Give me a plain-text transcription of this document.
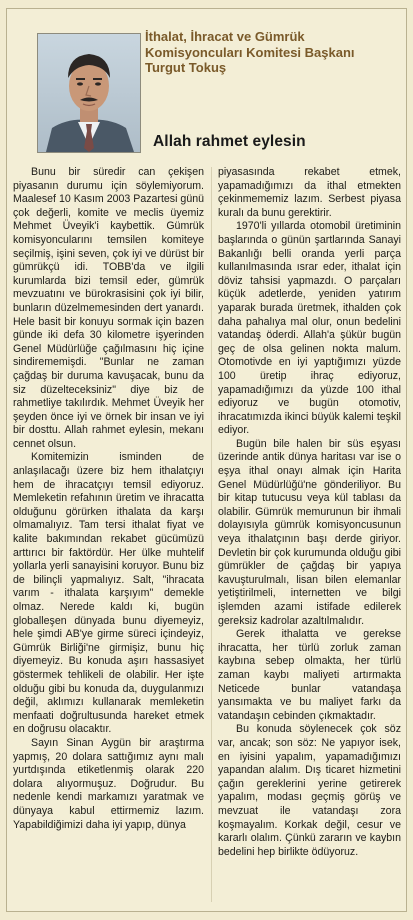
İthalat, İhracat ve Gümrük
Komisyoncuları Komitesi Başkanı
Turgut Tokuş
Allah rahmet eylesin

Bunu bir süredir can çekişen piyasanın durumu için söylemiyorum. Maalesef 10 Kasım 2003 Pazartesi günü çok değerli, komite ve meclis üyemiz Mehmet Üveyik'i kaybettik. Gümrük komisyoncularını temsilen komiteye seçilmiş, işini seven, çok iyi ve dürüst bir gümrükçü idi. TOBB'da ve ilgili kurumlarda bizi temsil eder, gümrük mevzuatını ve bürokrasisini çok iyi bilir, bunların düzelmemesinden dert yanardı. Hele basit bir konuyu sormak için bazen günde iki defa 30 kilometre işyerinden Genel Müdürlüğe çağılmasını hiç içine sindirememişdi. "Bunlar ne zaman çağdaş bir duruma kavuşacak, bunu da siz düzelteceksiniz" diye biz de rahmetliye takılırdık. Mehmet Üveyik her şeyden önce iyi ve örnek bir insan ve iyi bir dosttu. Allah rahmet eylesin, mekanı cennet olsun.

Komitemizin isminden de anlaşılacağı üzere biz hem ithalatçıyı hem de ihracatçıyı temsil ediyoruz. Memleketin refahının üretim ve ihracatta olduğunu görürken ithalata da karşı olmamalıyız. Tam tersi ithalat fiyat ve kalite bakımından rekabet gücümüzü arttırıcı bir faktördür. Her ülke muhtelif yollarla yerli sanayisini koruyor. Bunu biz de bilinçli yapmalıyız. Salt, "ihracata varım - ithalata karşıyım" demekle olmaz. Nerede kaldı ki, bugün globalleşen dünyada bunu diyemeyiz, hele şimdi AB'ye girme süreci içindeyiz, Gümrük Birliği'ne girmişiz, bunu hiç diyemeyiz. Bu konuda aşırı hassasiyet göstermek tehlikeli de olabilir. Her işte olduğu gibi bu konuda da, duygulanmızı değil, aklımızı kullanarak memleketin menfaati doğrultusunda hareket etmek en doğrusu olacaktır.

Sayın Sinan Aygün bir araştırma yapmış, 20 dolara sattığımız aynı malı yurtdışında etiketlenmiş olarak 220 dolara alıyormuşuz. Doğrudur. Bu nedenle kendi markamızı yaratmak ve dünyaya kabul ettirmemiz lazım. Yapabildiğimizi daha iyi yapıp, dünya

piyasasında rekabet etmek, yapamadığımızı da ithal etmekten çekinmememiz lazım. Serbest piyasa kuralı da bunu gerektirir.

1970'li yıllarda otomobil üretiminin başlarında o günün şartlarında Sanayi Bakanlığı belli oranda yerli parça kullanılmasında ısrar eder, ithalat için döviz tahsisi yapmazdı. O parçaları küçük adetlerde, yeniden yatırım yaparak burada üretmek, ithalden çok daha pahalıya mal olur, onun bedelini vatandaş öderdi. Allah'a şükür bugün geç de olsa gelinen nokta malum. Otomotivde en iyi yaptığımızı yüzde 100 üretip ihraç ediyoruz, yapamadığımızı da yüzde 100 ithal ediyoruz ve bugün otomotiv, ihracatımızda ikinci büyük kalemi teşkil ediyor.

Bugün bile halen bir süs eşyası üzerinde antik dünya haritası var ise o eşya ithal onayı almak için Harita Genel Müdürlüğü'ne gönderiliyor. Bu bir kitap tutucusu veya kül tablası da olabilir. Gümrük memurunun bir ihmali dolayısıyla gümrük komisyoncusunun veya ithalatçının başı derde giriyor. Devletin bir çok kurumunda olduğu gibi gümrükler de çağdaş bir yapıya kavuşturulmalı, lisan bilen elemanlar yetiştirilmeli, internetten ve bilgi işlemden azami istifade edilerek gereksiz kadrolar azaltılmalıdır.

Gerek ithalatta ve gerekse ihracatta, her türlü zorluk zaman kaybına sebep olmakta, her türlü zaman kaybı maliyeti artırmakta Neticede bunlar vatandaşa yansımakta ve bu maliyet farkı da vatandaşın cebinden çıkmaktadır.

Bu konuda söylenecek çok söz var, ancak; son söz: Ne yapıyor isek, en iyisini yapalım, yapamadığımızı yapandan alalım. Dış ticaret hizmetini çağın gereklerini yerine getirerek yapalım, modası geçmiş görüş ve mevzuat ile vatandaşı zora koşmayalım. Korkak değil, cesur ve kararlı olalım. Çünkü zararın ve kaybın bedelini hep birlikte ödüyoruz.
